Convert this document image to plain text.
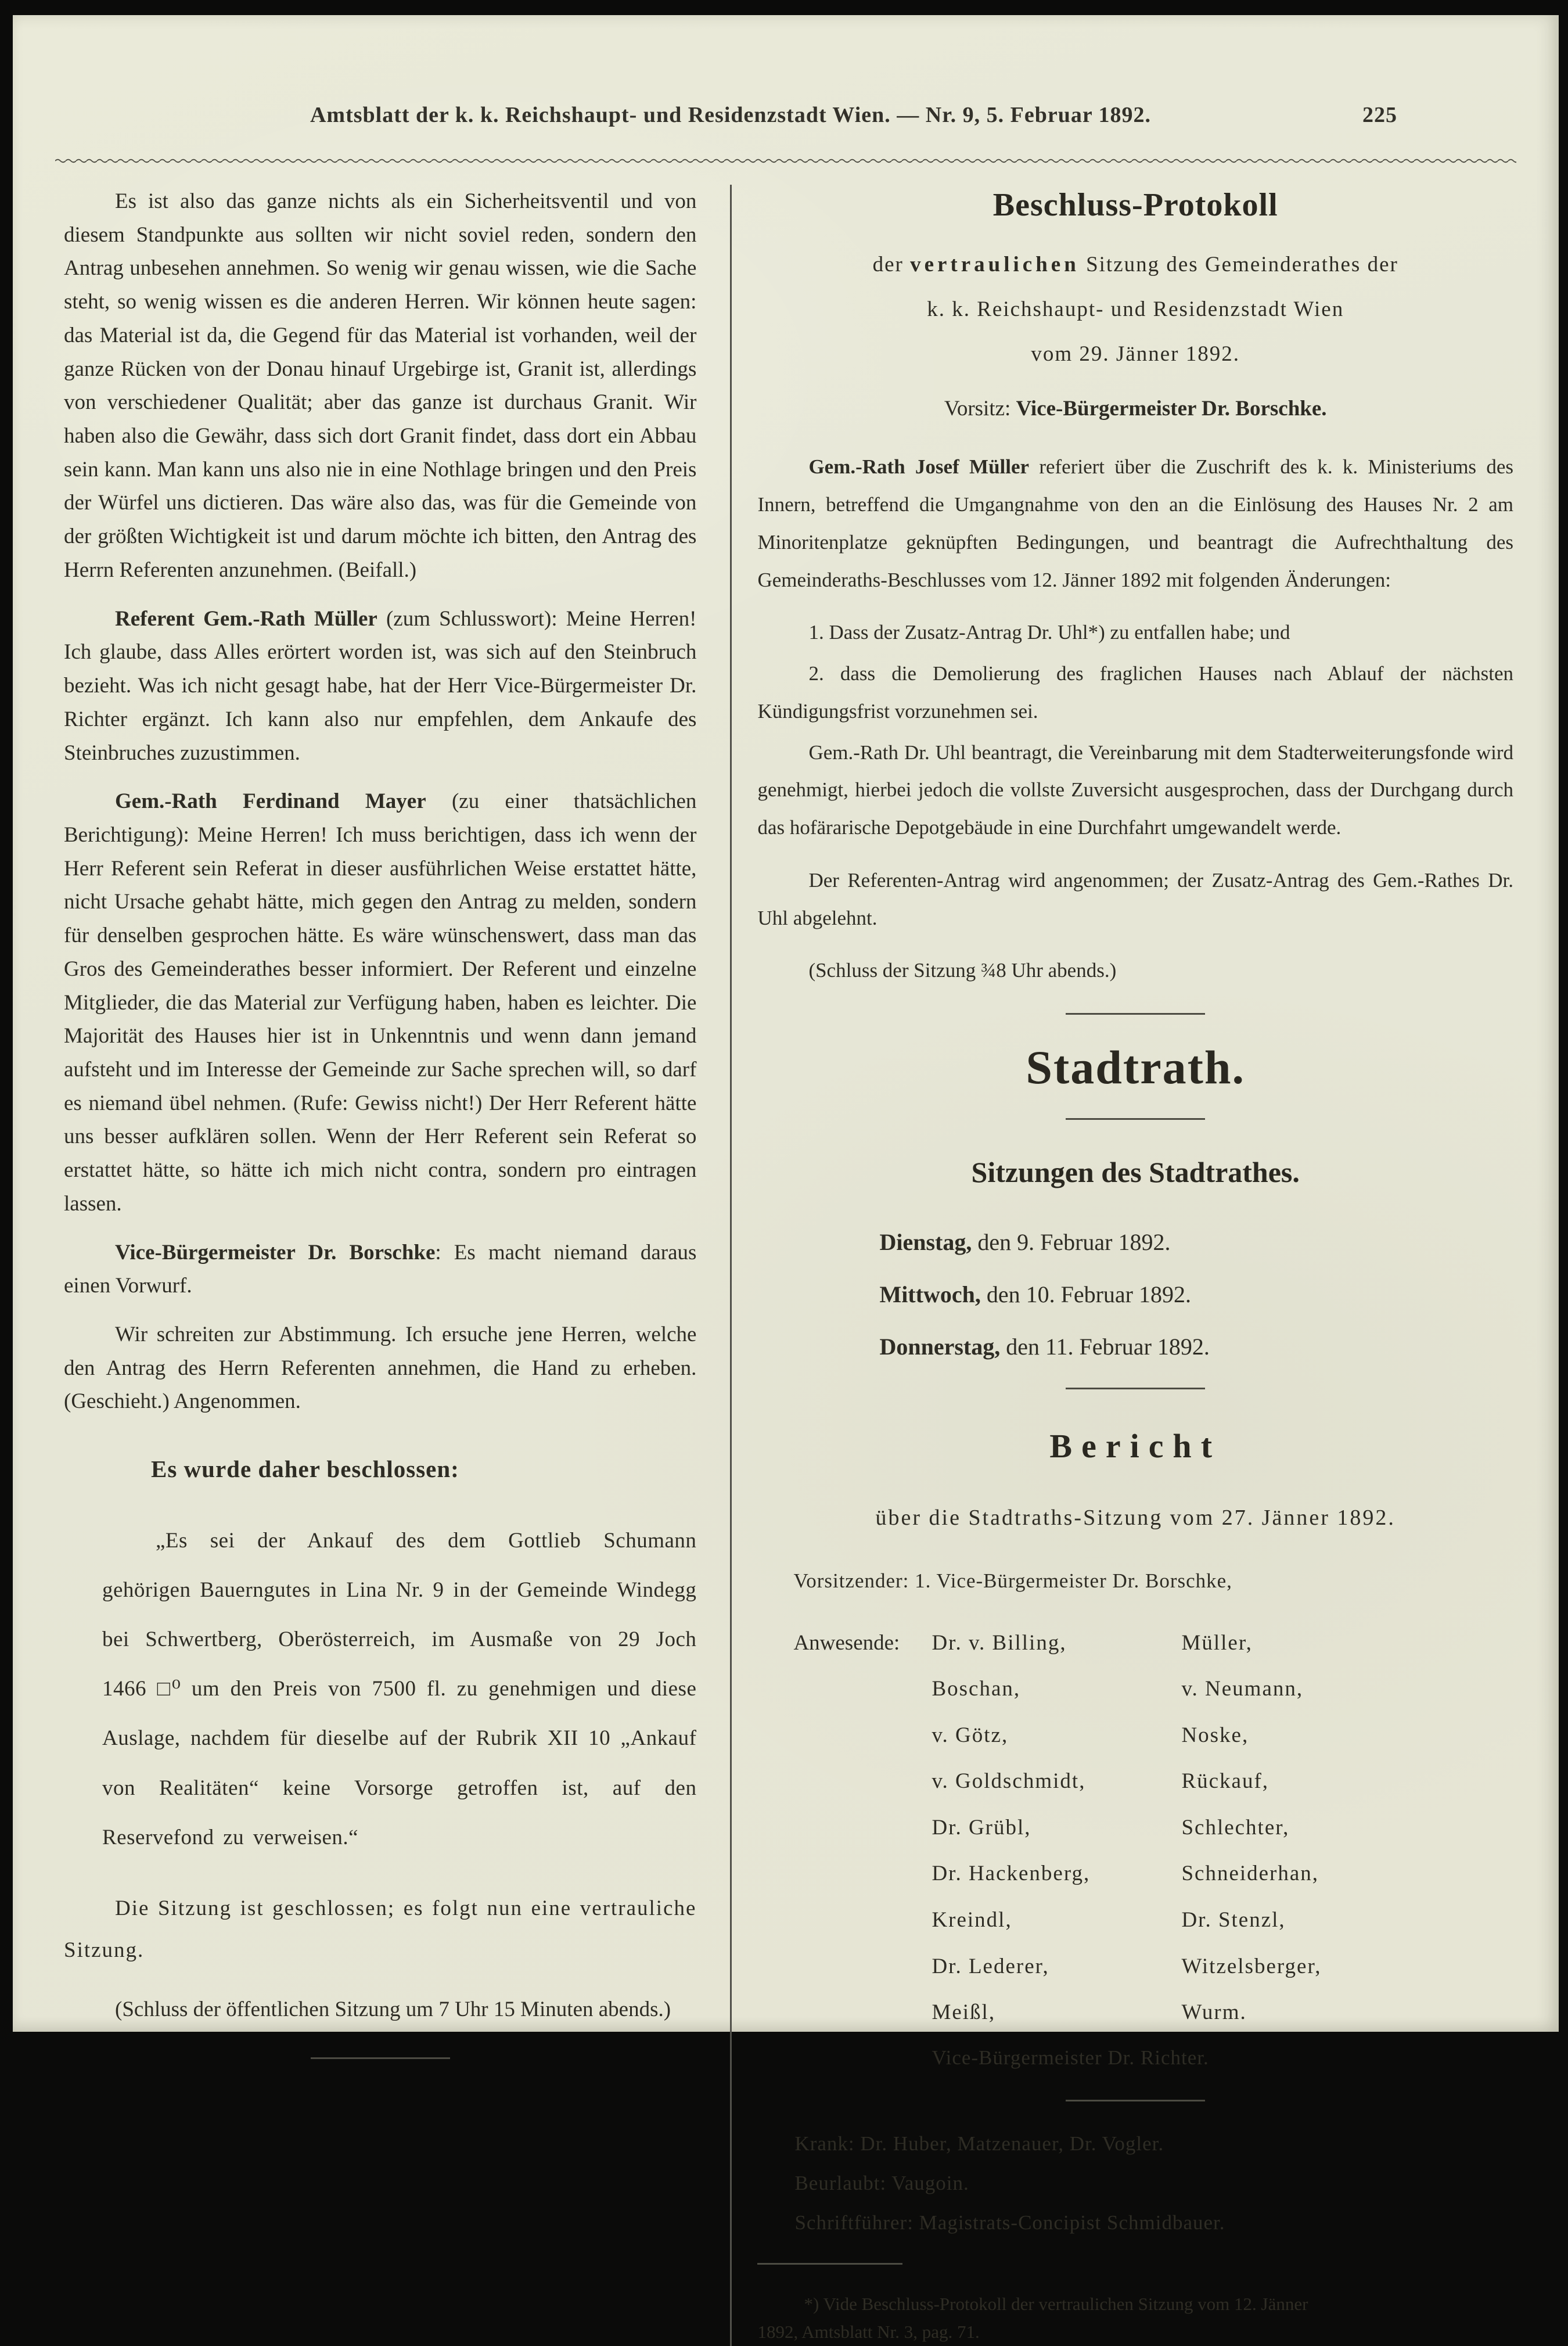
Amtsblatt der k. k. Reichshaupt- und Residenzstadt Wien. — Nr. 9, 5. Februar 1892.	225

Es ist also das ganze nichts als ein Sicherheitsventil und von diesem Standpunkte aus sollten wir nicht soviel reden, sondern den Antrag unbesehen annehmen. So wenig wir genau wissen, wie die Sache steht, so wenig wissen es die anderen Herren. Wir können heute sagen: das Material ist da, die Gegend für das Material ist vorhanden, weil der ganze Rücken von der Donau hinauf Urgebirge ist, Granit ist, allerdings von verschiedener Qualität; aber das ganze ist durchaus Granit. Wir haben also die Gewähr, dass sich dort Granit findet, dass dort ein Abbau sein kann. Man kann uns also nie in eine Nothlage bringen und den Preis der Würfel uns dictieren. Das wäre also das, was für die Gemeinde von der größten Wichtigkeit ist und darum möchte ich bitten, den Antrag des Herrn Referenten anzunehmen. (Beifall.)

Referent Gem.-Rath Müller (zum Schlusswort): Meine Herren! Ich glaube, dass Alles erörtert worden ist, was sich auf den Steinbruch bezieht. Was ich nicht gesagt habe, hat der Herr Vice-Bürgermeister Dr. Richter ergänzt. Ich kann also nur empfehlen, dem Ankaufe des Steinbruches zuzustimmen.

Gem.-Rath Ferdinand Mayer (zu einer thatsächlichen Berichtigung): Meine Herren! Ich muss berichtigen, dass ich wenn der Herr Referent sein Referat in dieser ausführlichen Weise erstattet hätte, nicht Ursache gehabt hätte, mich gegen den Antrag zu melden, sondern für denselben gesprochen hätte. Es wäre wünschenswert, dass man das Gros des Gemeinderathes besser informiert. Der Referent und einzelne Mitglieder, die das Material zur Verfügung haben, haben es leichter. Die Majorität des Hauses hier ist in Unkenntnis und wenn dann jemand aufsteht und im Interesse der Gemeinde zur Sache sprechen will, so darf es niemand übel nehmen. (Rufe: Gewiss nicht!) Der Herr Referent hätte uns besser aufklären sollen. Wenn der Herr Referent sein Referat so erstattet hätte, so hätte ich mich nicht contra, sondern pro eintragen lassen.

Vice-Bürgermeister Dr. Borschke: Es macht niemand daraus einen Vorwurf.

Wir schreiten zur Abstimmung. Ich ersuche jene Herren, welche den Antrag des Herrn Referenten annehmen, die Hand zu erheben. (Geschieht.) Angenommen.

Es wurde daher beschlossen:

„Es sei der Ankauf des dem Gottlieb Schumann gehörigen Bauerngutes in Lina Nr. 9 in der Gemeinde Windegg bei Schwertberg, Oberösterreich, im Ausmaße von 29 Joch 1466 □⁰ um den Preis von 7500 fl. zu genehmigen und diese Auslage, nachdem für dieselbe auf der Rubrik XII 10 „Ankauf von Realitäten“ keine Vorsorge getroffen ist, auf den Reservefond zu verweisen.“

Die Sitzung ist geschlossen; es folgt nun eine vertrauliche Sitzung.

(Schluss der öffentlichen Sitzung um 7 Uhr 15 Minuten abends.)

Beschluss-Protokoll

der vertraulichen Sitzung des Gemeinderathes der

k. k. Reichshaupt- und Residenzstadt Wien

vom 29. Jänner 1892.

Vorsitz: Vice-Bürgermeister Dr. Borschke.

Gem.-Rath Josef Müller referiert über die Zuschrift des k. k. Ministeriums des Innern, betreffend die Umgangnahme von den an die Einlösung des Hauses Nr. 2 am Minoritenplatze geknüpften Bedingungen, und beantragt die Aufrechthaltung des Gemeinderaths-Beschlusses vom 12. Jänner 1892 mit folgenden Änderungen:

1. Dass der Zusatz-Antrag Dr. Uhl*) zu entfallen habe; und

2. dass die Demolierung des fraglichen Hauses nach Ablauf der nächsten Kündigungsfrist vorzunehmen sei.

Gem.-Rath Dr. Uhl beantragt, die Vereinbarung mit dem Stadterweiterungsfonde wird genehmigt, hierbei jedoch die vollste Zuversicht ausgesprochen, dass der Durchgang durch das hofärarische Depotgebäude in eine Durchfahrt umgewandelt werde.

Der Referenten-Antrag wird angenommen; der Zusatz-Antrag des Gem.-Rathes Dr. Uhl abgelehnt.

(Schluss der Sitzung ¾8 Uhr abends.)

Stadtrath.

Sitzungen des Stadtrathes.

Dienstag, den 9. Februar 1892.

Mittwoch, den 10. Februar 1892.

Donnerstag, den 11. Februar 1892.

Bericht

über die Stadtraths-Sitzung vom 27. Jänner 1892.

Vorsitzender: 1. Vice-Bürgermeister Dr. Borschke,

Anwesende:	Dr. v. Billing,
Boschan,
v. Götz,
v. Goldschmidt,
Dr. Grübl,
Dr. Hackenberg,
Kreindl,
Dr. Lederer,
Meißl,
Müller,
v. Neumann,
Noske,
Rückauf,
Schlechter,
Schneiderhan,
Dr. Stenzl,
Witzelsberger,
Wurm.

Vice-Bürgermeister Dr. Richter.

Krank: Dr. Huber, Matzenauer, Dr. Vogler.

Beurlaubt: Vaugoin.

Schriftführer: Magistrats-Concipist Schmidbauer.

*) Vide Beschluss-Protokoll der vertraulichen Sitzung vom 12. Jänner

1892, Amtsblatt Nr. 3, pag. 71.
